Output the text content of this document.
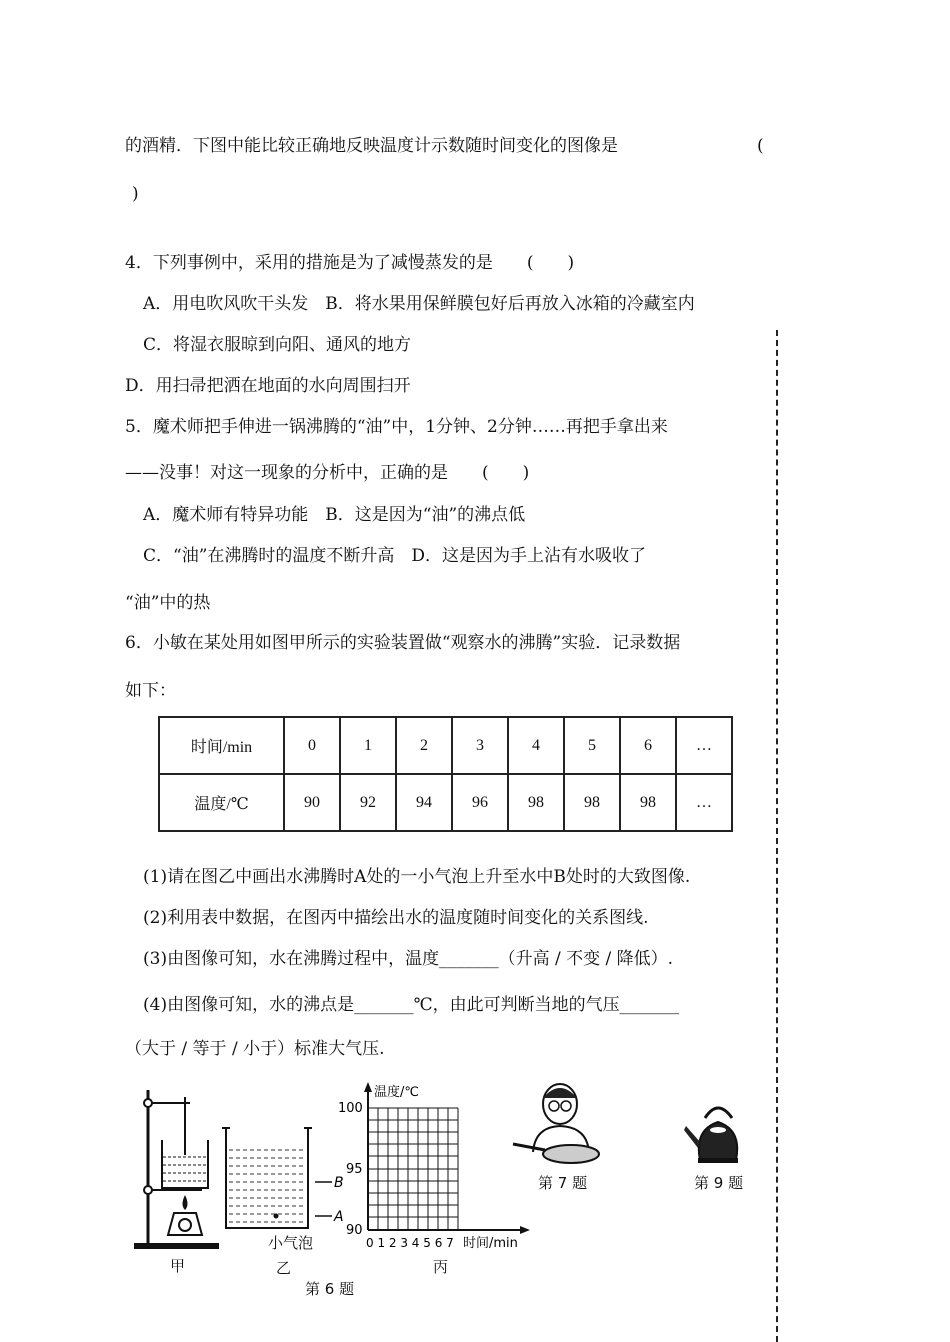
的酒精．下图中能比较正确地反映温度计示数随时间变化的图像是	(
)
4．下列事例中，采用的措施是为了减慢蒸发的是　　(　　)
A．用电吹风吹干头发　B．将水果用保鲜膜包好后再放入冰箱的冷藏室内
C．将湿衣服晾到向阳、通风的地方
D．用扫帚把洒在地面的水向周围扫开
5．魔术师把手伸进一锅沸腾的“油”中，1分钟、2分钟……再把手拿出来
——没事！对这一现象的分析中，正确的是　　(　　)
A．魔术师有特异功能　B．这是因为“油”的沸点低
C．“油”在沸腾时的温度不断升高　D．这是因为手上沾有水吸收了
“油”中的热
6．小敏在某处用如图甲所示的实验装置做“观察水的沸腾”实验．记录数据
如下：
时间/min	0	1	2	3	4	5	6	…
温度/℃	90	92	94	96	98	98	98	…
(1)请在图乙中画出水沸腾时A处的一小气泡上升至水中B处时的大致图像.
(2)利用表中数据，在图丙中描绘出水的温度随时间变化的关系图线.
(3)由图像可知，水在沸腾过程中，温度_______（升高 / 不变 / 降低）.
(4)由图像可知，水的沸点是_______℃，由此可判断当地的气压_______
（大于 / 等于 / 小于）标准大气压.
B
A
小气泡
温度/℃
100
95
90
0 1 2 3 4 5 6 7 时间/min
甲	乙	丙
第 6 题
第 7 题	第 9 题
